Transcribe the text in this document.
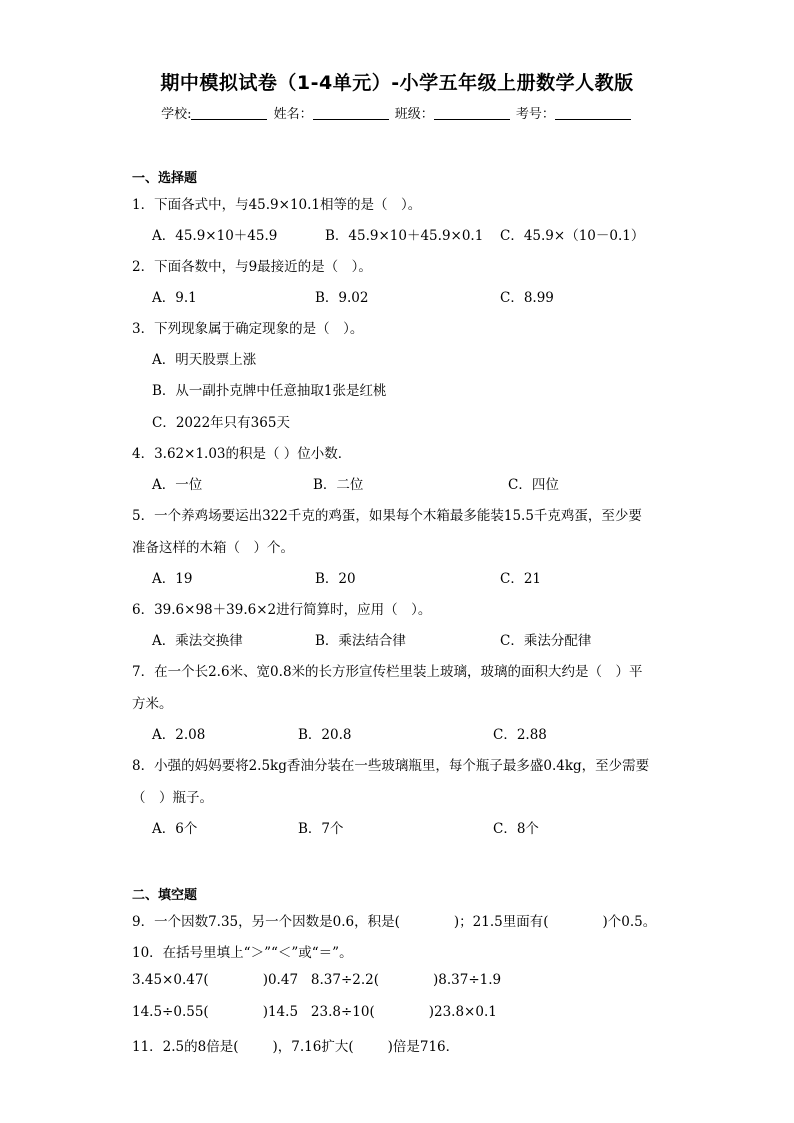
期中模拟试卷（1-4单元）-小学五年级上册数学人教版
学校:	姓名：	班级：	考号：
一、选择题
1．下面各式中，与45.9×10.1相等的是（　）。
A．45.9×10＋45.9	B．45.9×10＋45.9×0.1 C．45.9×（10－0.1）
2．下面各数中，与9最接近的是（　）。
A．9.1	B．9.02	C．8.99
3．下列现象属于确定现象的是（　）。
A．明天股票上涨
B．从一副扑克牌中任意抽取1张是红桃
C．2022年只有365天
4．3.62×1.03的积是（ ）位小数．
A．一位	B．二位	C．四位
5．一个养鸡场要运出322千克的鸡蛋，如果每个木箱最多能装15.5千克鸡蛋，至少要
准备这样的木箱（　）个。
A．19	B．20	C．21
6．39.6×98＋39.6×2进行简算时，应用（　）。
A．乘法交换律	B．乘法结合律	C．乘法分配律
7．在一个长2.6米、宽0.8米的长方形宣传栏里装上玻璃，玻璃的面积大约是（　）平
方米。
A．2.08	B．20.8	C．2.88
8．小强的妈妈要将2.5kg香油分装在一些玻璃瓶里，每个瓶子最多盛0.4kg，至少需要
（　）瓶子。
A．6个	B．7个	C．8个
二、填空题
9．一个因数7.35，另一个因数是0.6，积是(	)；21.5里面有(	)个0.5。
10．在括号里填上“＞”“＜”或“＝”。
3.45×0.47(	)0.47 8.37÷2.2(	)8.37÷1.9
14.5÷0.55(	)14.5 23.8÷10(	)23.8×0.1
11．2.5的8倍是(	)，7.16扩大(	)倍是716．
